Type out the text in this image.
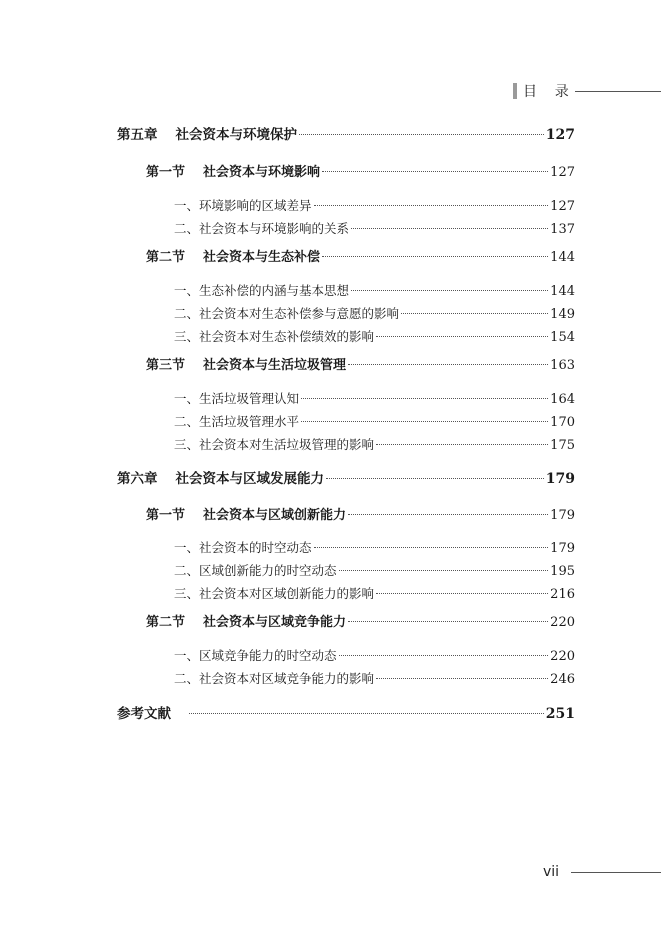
目    录
第五章 社会资本与环境保护	127
第一节 社会资本与环境影响	127
一、环境影响的区域差异	127
二、社会资本与环境影响的关系	137
第二节 社会资本与生态补偿	144
一、生态补偿的内涵与基本思想	144
二、社会资本对生态补偿参与意愿的影响	149
三、社会资本对生态补偿绩效的影响	154
第三节 社会资本与生活垃圾管理	163
一、生活垃圾管理认知	164
二、生活垃圾管理水平	170
三、社会资本对生活垃圾管理的影响	175
第六章 社会资本与区域发展能力	179
第一节 社会资本与区域创新能力	179
一、社会资本的时空动态	179
二、区域创新能力的时空动态	195
三、社会资本对区域创新能力的影响	216
第二节 社会资本与区域竞争能力	220
一、区域竞争能力的时空动态	220
二、社会资本对区域竞争能力的影响	246
参考文献	251
vii
